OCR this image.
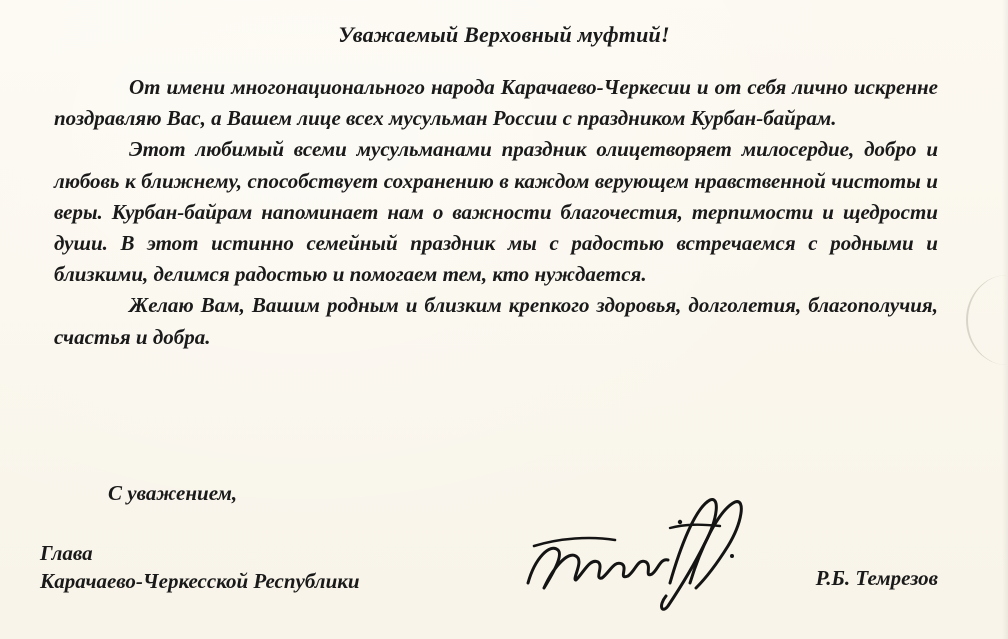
Уважаемый Верховный муфтий!

От имени многонационального народа Карачаево-Черкесии и от себя лично искренне поздравляю Вас, а Вашем лице всех мусульман России с праздником Курбан-байрам.

Этот любимый всеми мусульманами праздник олицетворяет милосердие, добро и любовь к ближнему, способствует сохранению в каждом верующем нравственной чистоты и веры. Курбан-байрам напоминает нам о важности благочестия, терпимости и щедрости души. В этот истинно семейный праздник мы с радостью встречаемся с родными и близкими, делимся радостью и помогаем тем, кто нуждается.

Желаю Вам, Вашим родным и близким крепкого здоровья, долголетия, благополучия, счастья и добра.

С уважением,
Глава
Карачаево-Черкесской Республики	Р.Б. Темрезов
